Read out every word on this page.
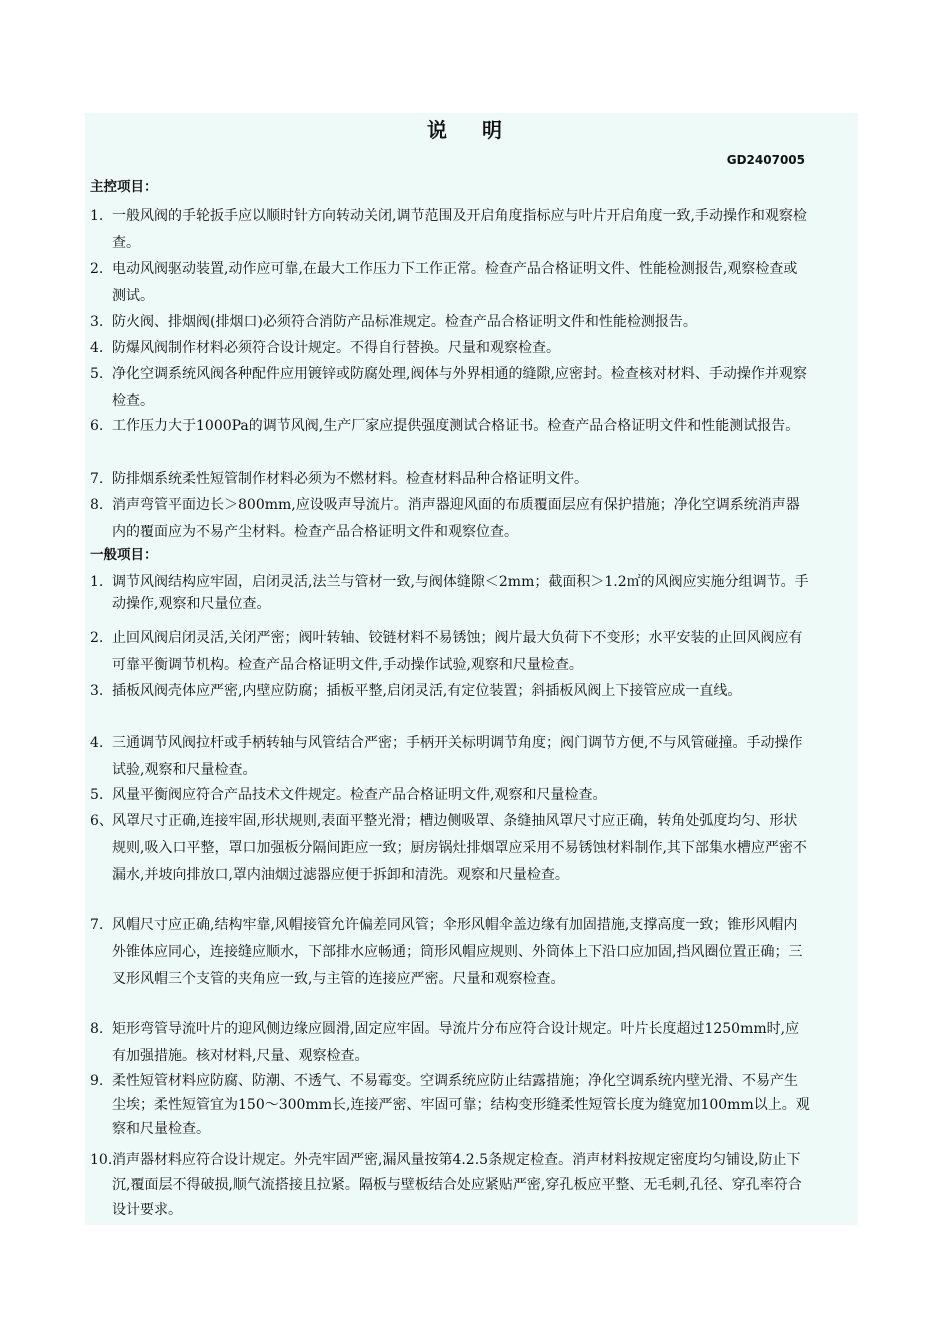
说 明
GD2407005
主控项目：
1. 一般风阀的手轮扳手应以顺时针方向转动关闭,调节范围及开启角度指标应与叶片开启角度一致,手动操作和观察检查。
2. 电动风阀驱动装置,动作应可靠,在最大工作压力下工作正常。检查产品合格证明文件、性能检测报告,观察检查或测试。
3. 防火阀、排烟阀(排烟口)必须符合消防产品标准规定。检查产品合格证明文件和性能检测报告。
4. 防爆风阀制作材料必须符合设计规定。不得自行替换。尺量和观察检查。
5. 净化空调系统风阀各种配件应用镀锌或防腐处理,阀体与外界相通的缝隙,应密封。检查核对材料、手动操作并观察检查。
6. 工作压力大于1000Pa的调节风阀,生产厂家应提供强度测试合格证书。检查产品合格证明文件和性能测试报告。
7. 防排烟系统柔性短管制作材料必须为不燃材料。检查材料品种合格证明文件。
8. 消声弯管平面边长＞800mm,应设吸声导流片。消声器迎风面的布质覆面层应有保护措施；净化空调系统消声器内的覆面应为不易产尘材料。检查产品合格证明文件和观察位查。
一般项目：
1. 调节风阀结构应牢固，启闭灵活,法兰与管材一致,与阀体缝隙＜2mm；截面积＞1.2㎡的风阀应实施分组调节。手动操作,观察和尺量位查。
2. 止回风阀启闭灵活,关闭严密；阀叶转轴、铰链材料不易锈蚀；阀片最大负荷下不变形；水平安装的止回风阀应有可靠平衡调节机构。检查产品合格证明文件,手动操作试验,观察和尺量检查。
3. 插板风阀壳体应严密,内壁应防腐；插板平整,启闭灵活,有定位装置；斜插板风阀上下接管应成一直线。
4. 三通调节风阀拉杆或手柄转轴与风管结合严密；手柄开关标明调节角度；阀门调节方便,不与风管碰撞。手动操作试验,观察和尺量检查。
5. 风量平衡阀应符合产品技术文件规定。检查产品合格证明文件,观察和尺量检查。
6、 风罩尺寸正确,连接牢固,形状规则,表面平整光滑；槽边侧吸罩、条缝抽风罩尺寸应正确，转角处弧度均匀、形状规则,吸入口平整，罩口加强板分隔间距应一致；厨房锅灶排烟罩应采用不易锈蚀材料制作,其下部集水槽应严密不漏水,并坡向排放口,罩内油烟过滤器应便于拆卸和清洗。观察和尺量检查。
7. 风帽尺寸应正确,结构牢靠,风帽接管允许偏差同风管；伞形风帽伞盖边缘有加固措施,支撑高度一致；锥形风帽内外锥体应同心，连接缝应顺水，下部排水应畅通；筒形风帽应规则、外筒体上下沿口应加固,挡风圈位置正确；三叉形风帽三个支管的夹角应一致,与主管的连接应严密。尺量和观察检查。
8. 矩形弯管导流叶片的迎风侧边缘应圆滑,固定应牢固。导流片分布应符合设计规定。叶片长度超过1250mm时,应有加强措施。核对材料,尺量、观察检查。
9. 柔性短管材料应防腐、防潮、不透气、不易霉变。空调系统应防止结露措施；净化空调系统内壁光滑、不易产生尘埃；柔性短管宜为150～300mm长,连接严密、牢固可靠；结构变形缝柔性短管长度为缝宽加100mm以上。观察和尺量检查。
10. 消声器材料应符合设计规定。外壳牢固严密,漏风量按第4.2.5条规定检查。消声材料按规定密度均匀铺设,防止下沉,覆面层不得破损,顺气流搭接且拉紧。隔板与壁板结合处应紧贴严密,穿孔板应平整、无毛刺,孔径、穿孔率符合设计要求。
